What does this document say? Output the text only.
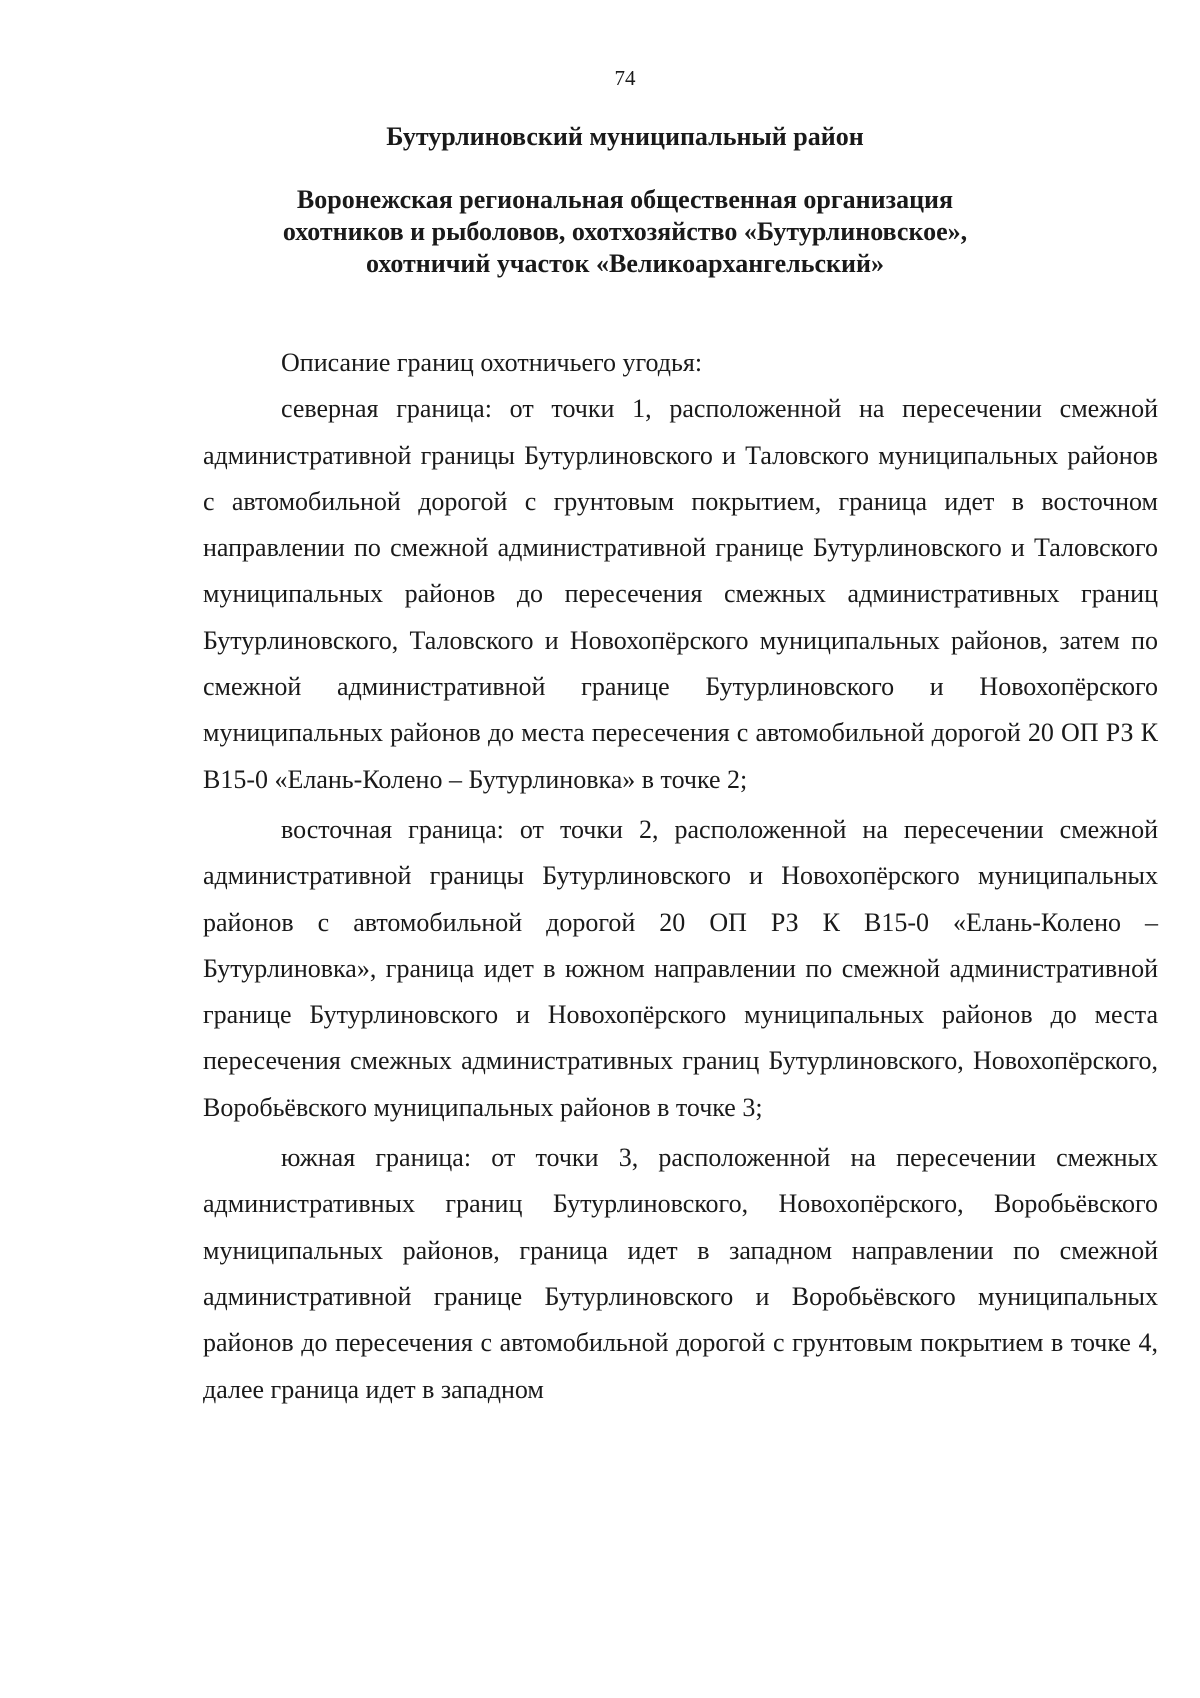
74
Бутурлиновский муниципальный район
Воронежская региональная общественная организация
охотников и рыболовов, охотхозяйство «Бутурлиновское»,
охотничий участок «Великоархангельский»

Описание границ охотничьего угодья:

северная граница: от точки 1, расположенной на пересечении смежной административной границы Бутурлиновского и Таловского муниципальных районов с автомобильной дорогой с грунтовым покрытием, граница идет в восточном направлении по смежной административной границе Бутурлиновского и Таловского муниципальных районов до пересечения смежных административных границ Бутурлиновского, Таловского и Новохопёрского муниципальных районов, затем по смежной административной границе Бутурлиновского и Новохопёрского муниципальных районов до места пересечения с автомобильной дорогой 20 ОП РЗ К В15-0 «Елань-Колено – Бутурлиновка» в точке 2;

восточная граница: от точки 2, расположенной на пересечении смежной административной границы Бутурлиновского и Новохопёрского муниципальных районов с автомобильной дорогой 20 ОП РЗ К В15-0 «Елань-Колено – Бутурлиновка», граница идет в южном направлении по смежной административной границе Бутурлиновского и Новохопёрского муниципальных районов до места пересечения смежных административных границ Бутурлиновского, Новохопёрского, Воробьёвского муниципальных районов в точке 3;

южная граница: от точки 3, расположенной на пересечении смежных административных границ Бутурлиновского, Новохопёрского, Воробьёвского муниципальных районов, граница идет в западном направлении по смежной административной границе Бутурлиновского и Воробьёвского муниципальных районов до пересечения с автомобильной дорогой с грунтовым покрытием в точке 4, далее граница идет в западном
